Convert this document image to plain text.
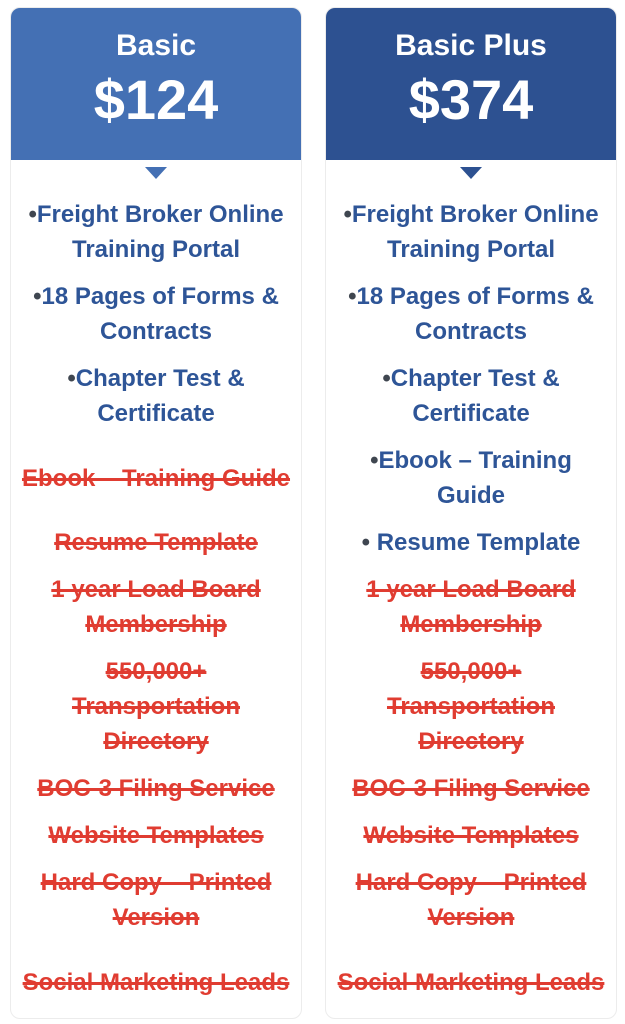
Basic
$124
•Freight Broker Online
Training Portal
•18 Pages of Forms &
Contracts
•Chapter Test &
Certificate
Ebook – Training Guide
Resume Template
1 year Load Board
Membership
550,000+
Transportation
Directory
BOC-3 Filing Service
Website Templates
Hard Copy – Printed
Version
Social Marketing Leads
Basic Plus
$374
•Freight Broker Online
Training Portal
•18 Pages of Forms &
Contracts
•Chapter Test &
Certificate
•Ebook – Training
Guide
• Resume Template
1 year Load Board
Membership
550,000+
Transportation
Directory
BOC-3 Filing Service
Website Templates
Hard Copy – Printed
Version
Social Marketing Leads
